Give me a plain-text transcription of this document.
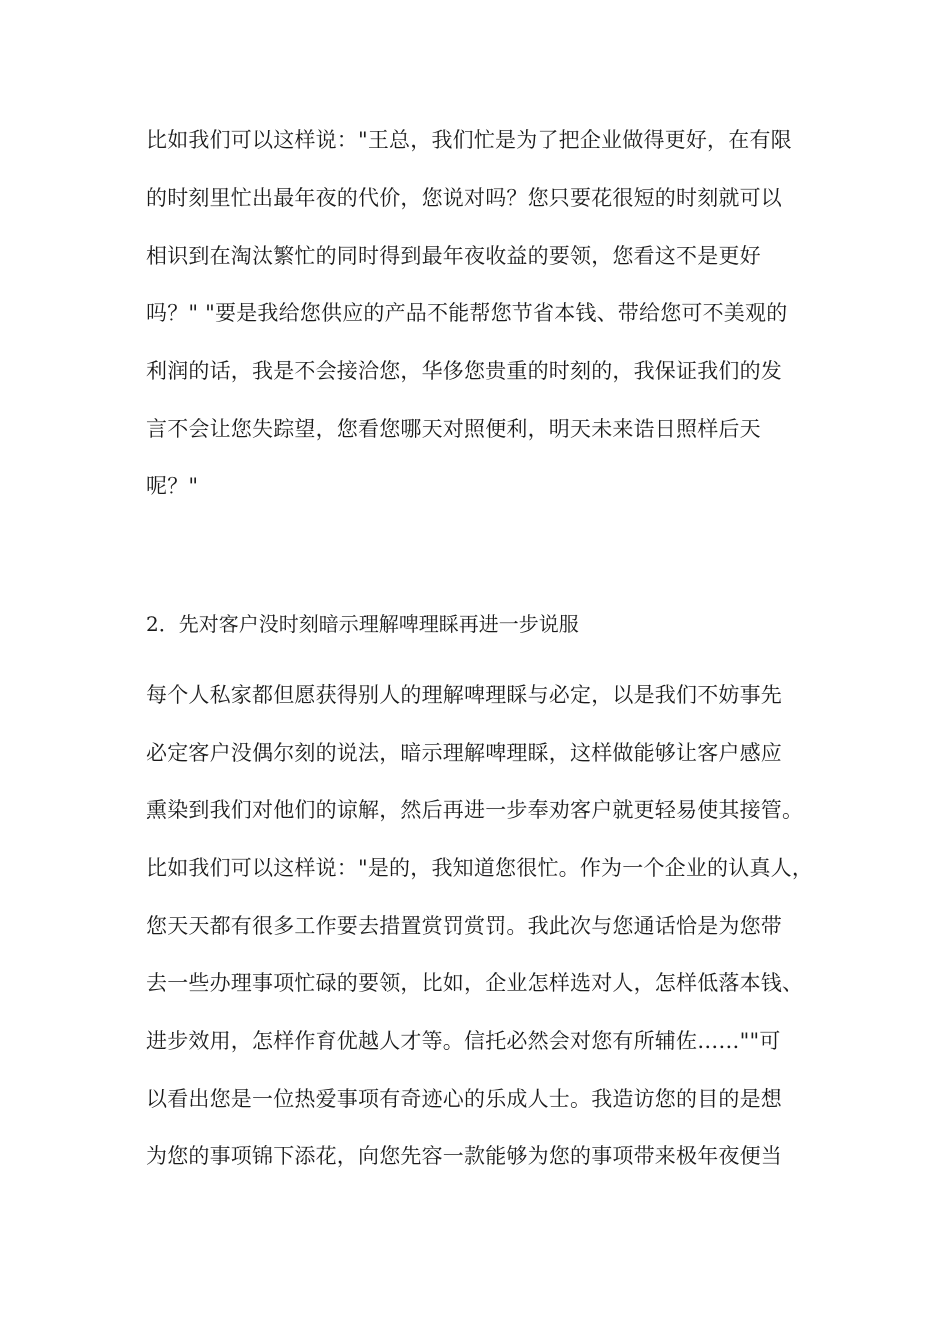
比如我们可以这样说："王总，我们忙是为了把企业做得更好，在有限
的时刻里忙出最年夜的代价，您说对吗？您只要花很短的时刻就可以
相识到在淘汰繁忙的同时得到最年夜收益的要领，您看这不是更好
吗？" "要是我给您供应的产品不能帮您节省本钱、带给您可不美观的
利润的话，我是不会接洽您，华侈您贵重的时刻的，我保证我们的发
言不会让您失踪望，您看您哪天对照便利，明天未来诰日照样后天
呢？"
2．先对客户没时刻暗示理解啤理睬再进一步说服
每个人私家都但愿获得别人的理解啤理睬与必定，以是我们不妨事先
必定客户没偶尔刻的说法，暗示理解啤理睬，这样做能够让客户感应
熏染到我们对他们的谅解，然后再进一步奉劝客户就更轻易使其接管。
比如我们可以这样说："是的，我知道您很忙。作为一个企业的认真人，
您天天都有很多工作要去措置赏罚赏罚。我此次与您通话恰是为您带
去一些办理事项忙碌的要领，比如，企业怎样选对人，怎样低落本钱、
进步效用，怎样作育优越人才等。信托必然会对您有所辅佐……""可
以看出您是一位热爱事项有奇迹心的乐成人士。我造访您的目的是想
为您的事项锦下添花，向您先容一款能够为您的事项带来极年夜便当
